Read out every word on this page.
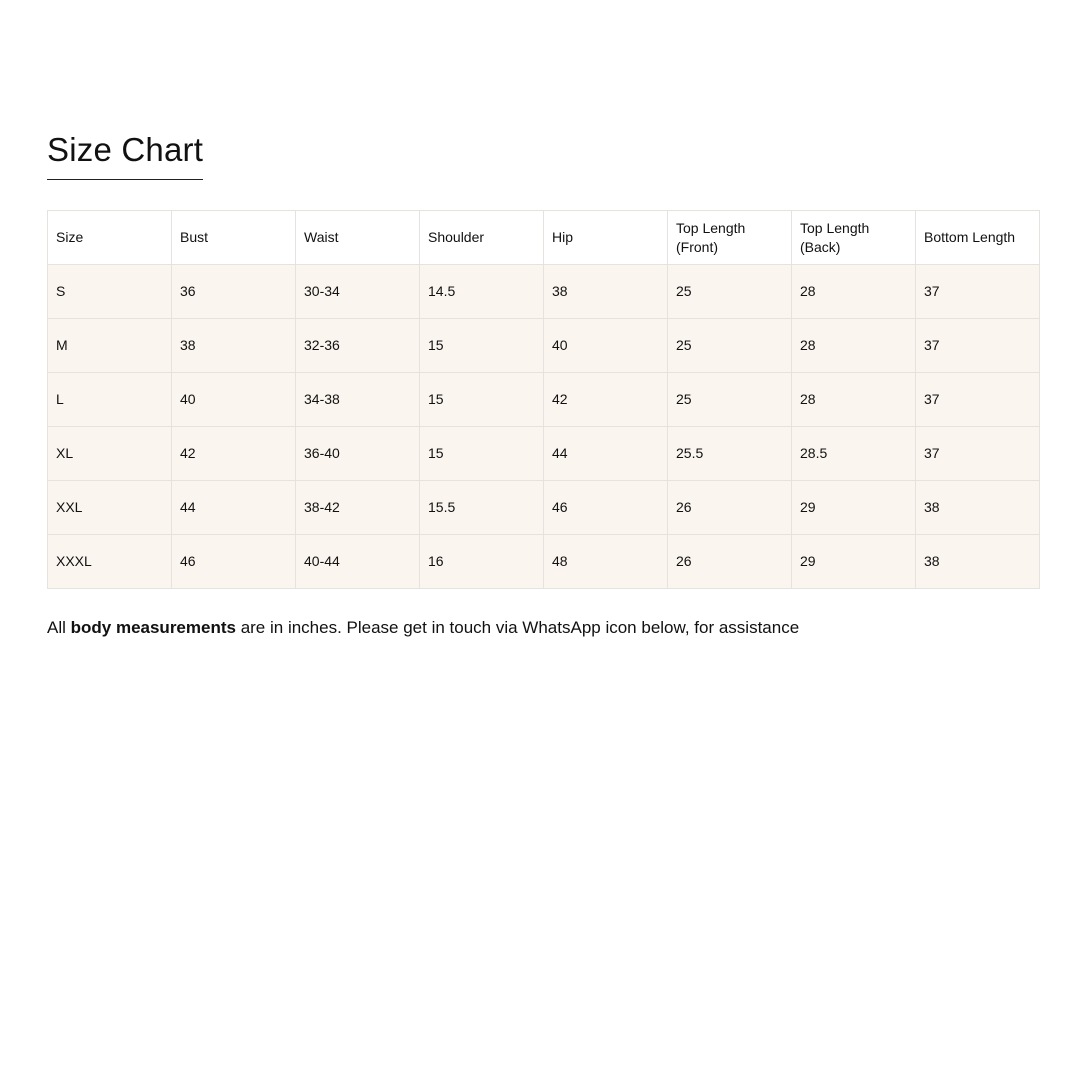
Size Chart
Size	Bust	Waist	Shoulder	Hip	Top Length (Front)	Top Length (Back)	Bottom Length
S	36	30-34	14.5	38	25	28	37
M	38	32-36	15	40	25	28	37
L	40	34-38	15	42	25	28	37
XL	42	36-40	15	44	25.5	28.5	37
XXL	44	38-42	15.5	46	26	29	38
XXXL	46	40-44	16	48	26	29	38

All body measurements are in inches. Please get in touch via WhatsApp icon below, for assistance
